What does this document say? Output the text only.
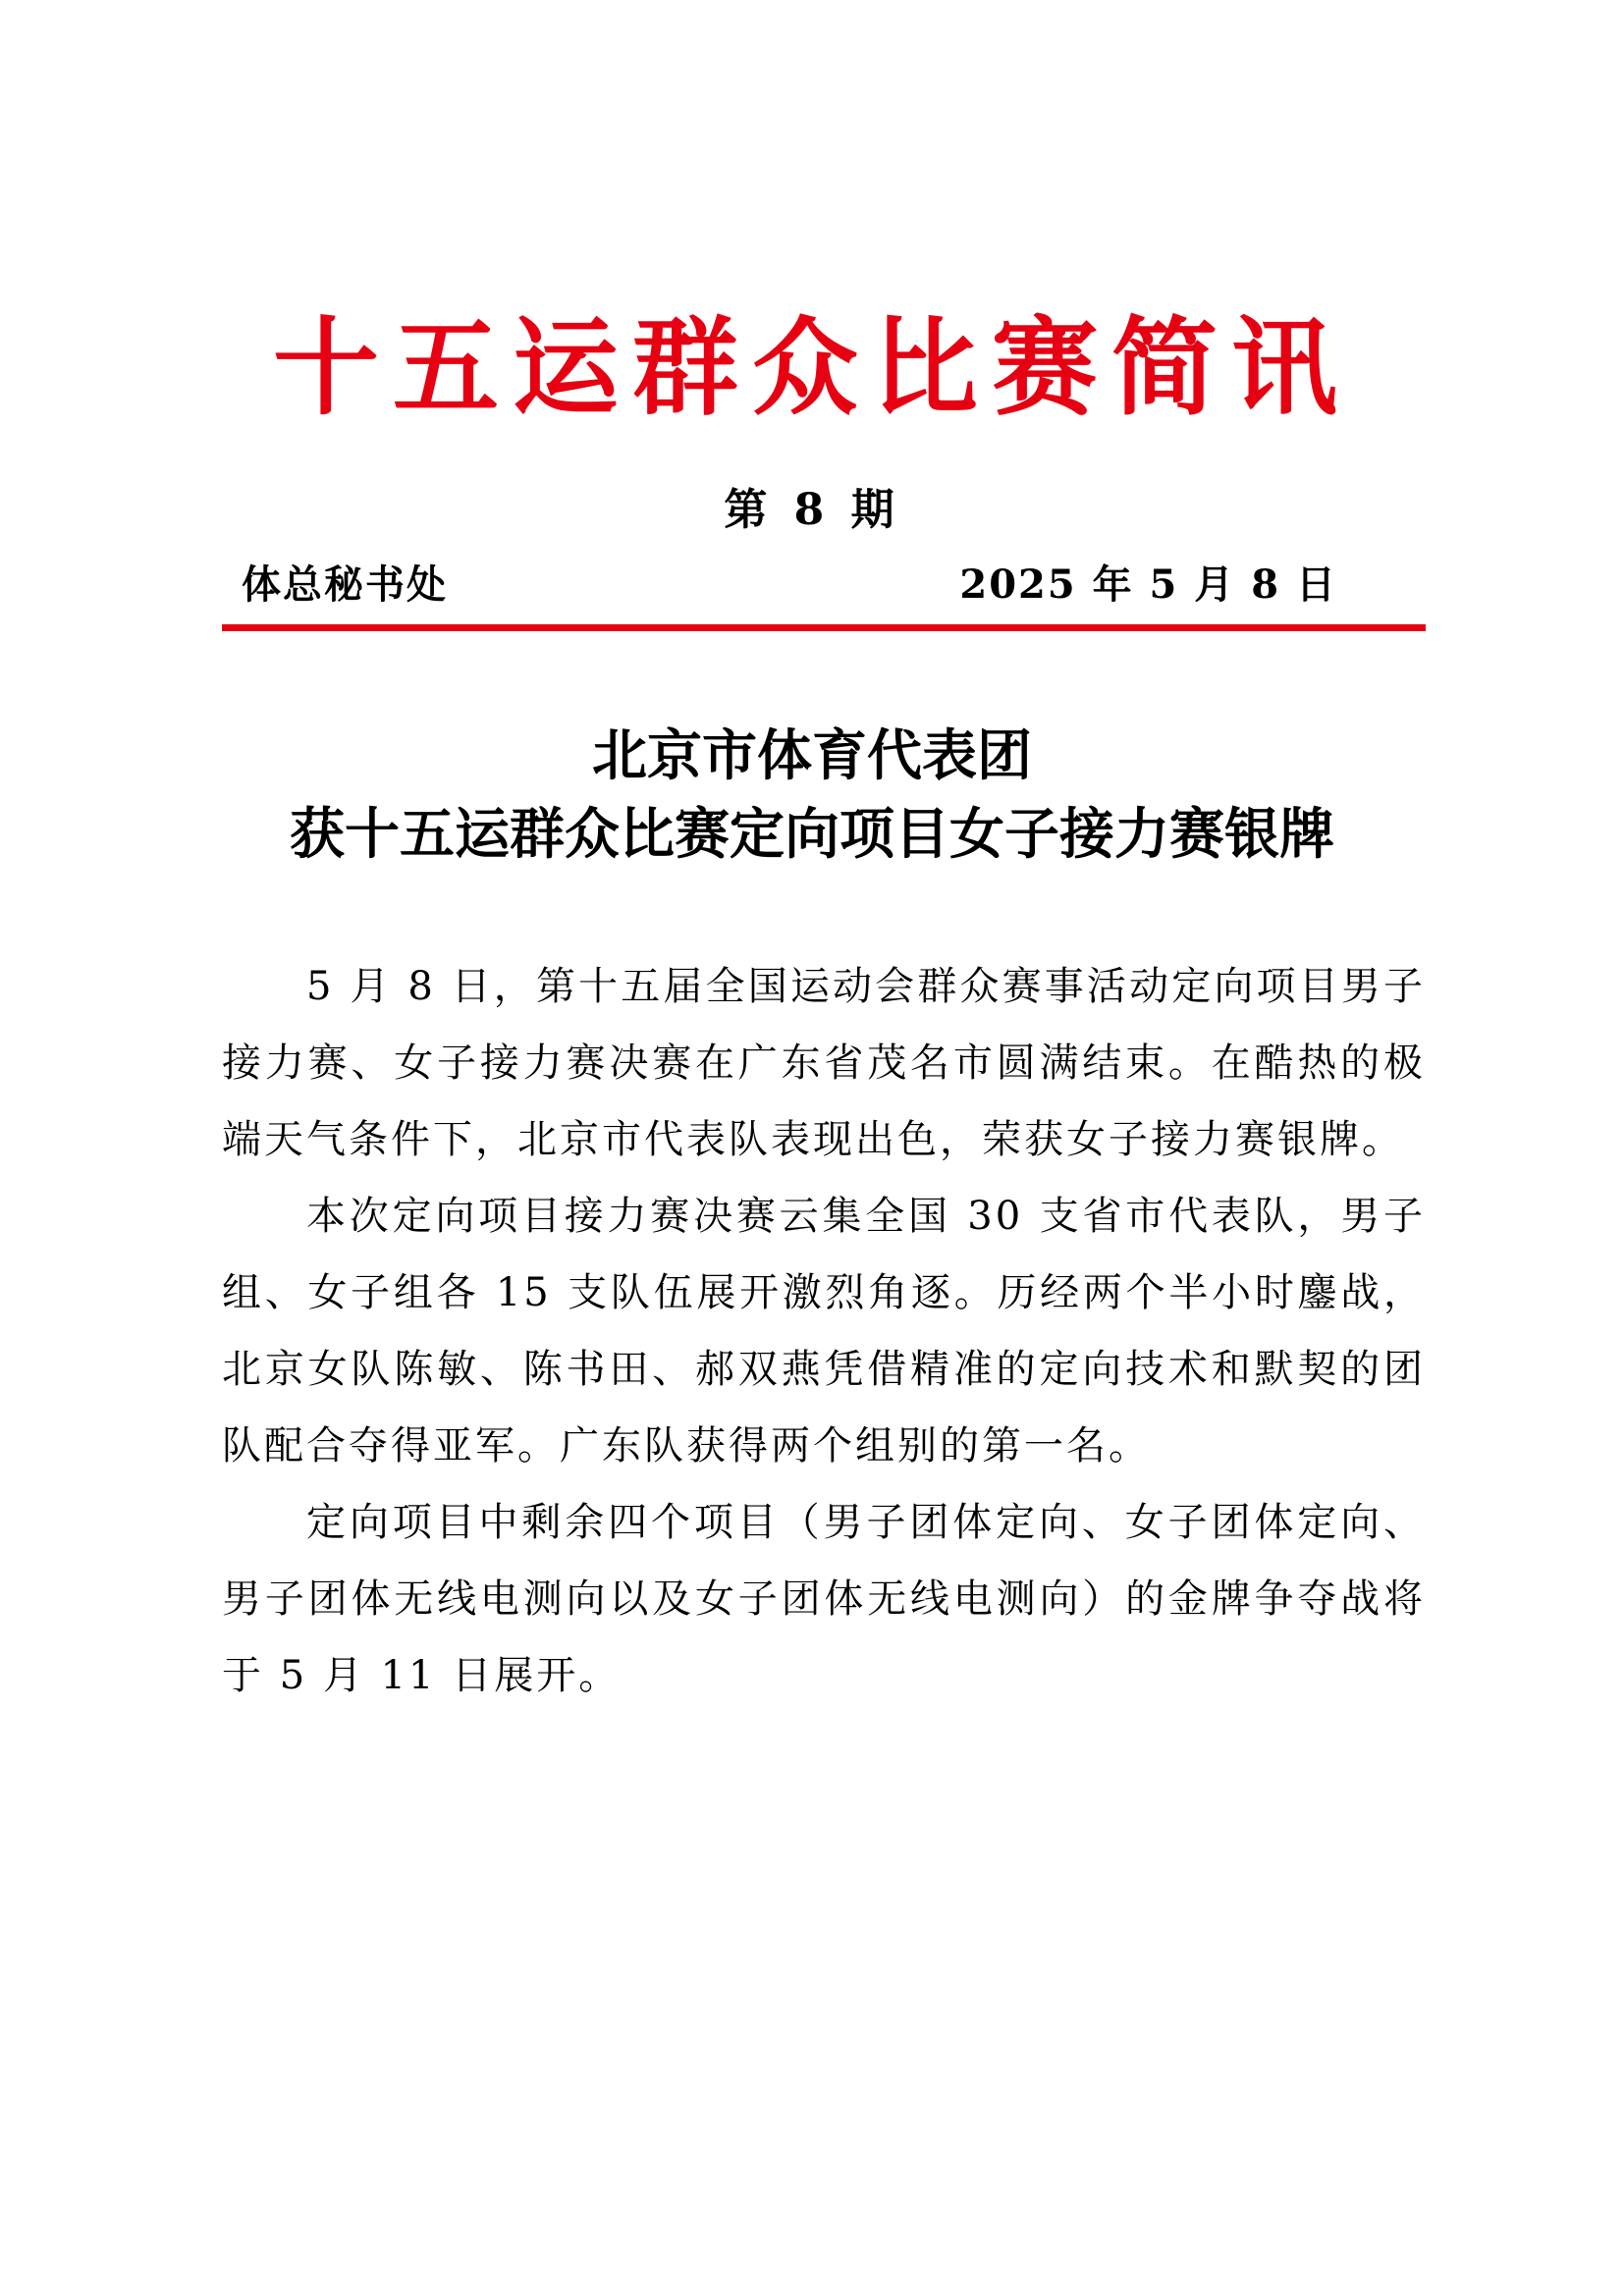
十五运群众比赛简讯
第 8 期
体总秘书处	2025 年 5 月 8 日
北京市体育代表团
获十五运群众比赛定向项目女子接力赛银牌

5 月 8 日，第十五届全国运动会群众赛事活动定向项目男子接力赛、女子接力赛决赛在广东省茂名市圆满结束。在酷热的极端天气条件下，北京市代表队表现出色，荣获女子接力赛银牌。

本次定向项目接力赛决赛云集全国 30 支省市代表队，男子组、女子组各 15 支队伍展开激烈角逐。历经两个半小时鏖战，北京女队陈敏、陈书田、郝双燕凭借精准的定向技术和默契的团队配合夺得亚军。广东队获得两个组别的第一名。

定向项目中剩余四个项目（男子团体定向、女子团体定向、男子团体无线电测向以及女子团体无线电测向）的金牌争夺战将于 5 月 11 日展开。
